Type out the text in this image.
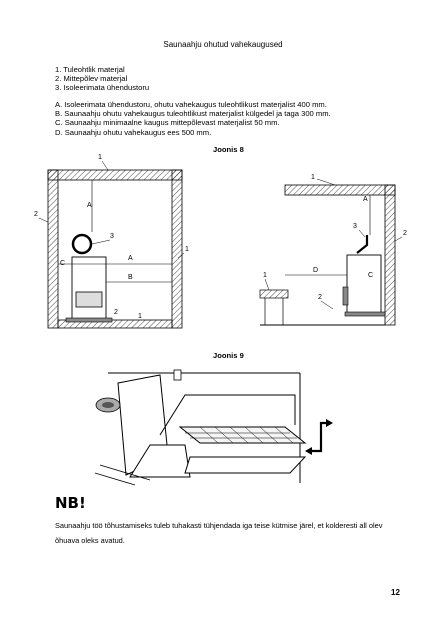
Saunaahju ohutud vahekaugused
1. Tuleohtlik materjal
2. Mittepõlev materjal
3. Isoleerimata ühendustoru
A. Isoleerimata ühendustoru, ohutu vahekaugus tuleohtlikust materjalist 400 mm.
B. Saunaahju ohutu vahekaugus tuleohtlikust materjalist külgedel ja taga 300 mm.
C. Saunaahju minimaalne kaugus mittepõlevast materjalist 50 mm.
D. Saunaahju ohutu vahekaugus ees 500 mm.
Joonis 8
A
A
B
C
1
2
3
1
2
1
A
D
C
1
2
3
1
2
Joonis 9
NB!
Saunaahju töö tõhustamiseks tuleb tuhakasti tühjendada iga teise kütmise järel, et kolderesti all olev õhuava oleks avatud.
12
